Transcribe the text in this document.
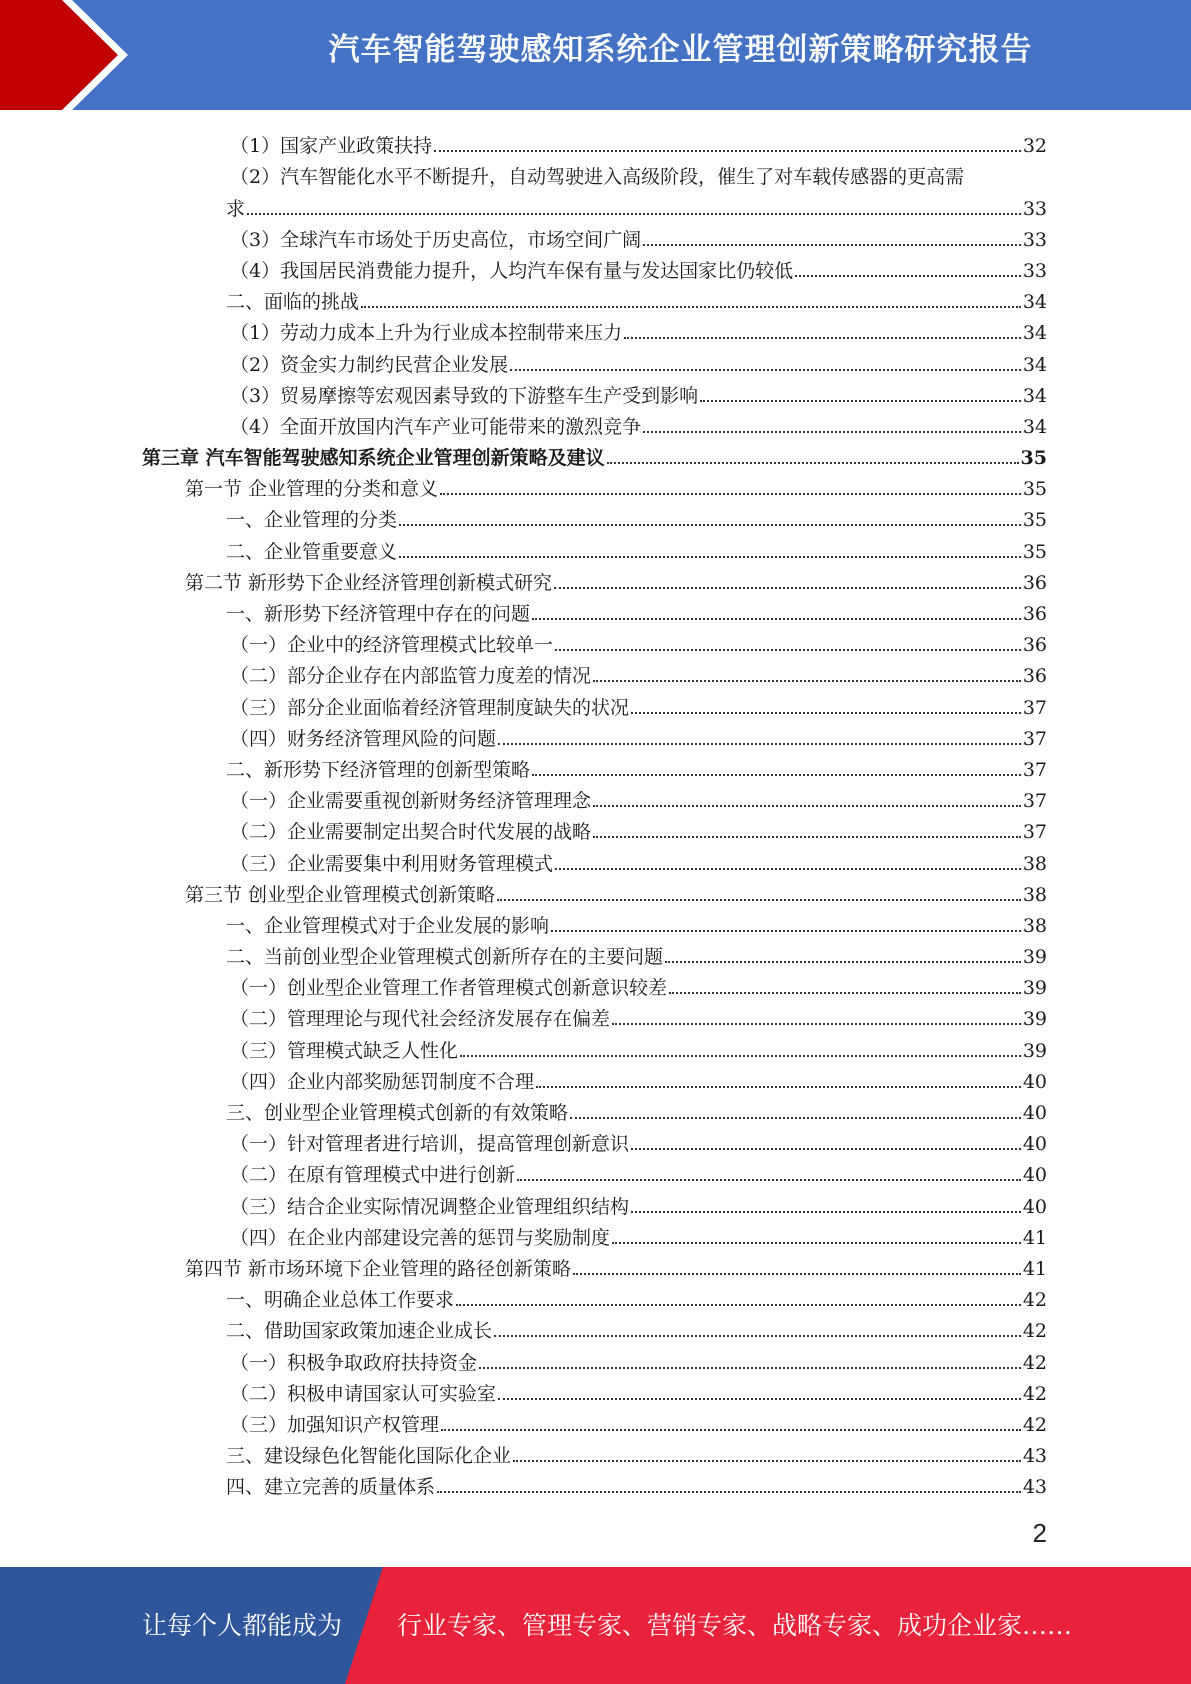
汽车智能驾驶感知系统企业管理创新策略研究报告
（1）国家产业政策扶持	32
（2）汽车智能化水平不断提升，自动驾驶进入高级阶段，催生了对车载传感器的更高需
求	33
（3）全球汽车市场处于历史高位，市场空间广阔	33
（4）我国居民消费能力提升，人均汽车保有量与发达国家比仍较低	33
二、面临的挑战	34
（1）劳动力成本上升为行业成本控制带来压力	34
（2）资金实力制约民营企业发展	34
（3）贸易摩擦等宏观因素导致的下游整车生产受到影响	34
（4）全面开放国内汽车产业可能带来的激烈竞争	34
第三章 汽车智能驾驶感知系统企业管理创新策略及建议	35
第一节 企业管理的分类和意义	35
一、企业管理的分类	35
二、企业管重要意义	35
第二节 新形势下企业经济管理创新模式研究	36
一、新形势下经济管理中存在的问题	36
（一）企业中的经济管理模式比较单一	36
（二）部分企业存在内部监管力度差的情况	36
（三）部分企业面临着经济管理制度缺失的状况	37
（四）财务经济管理风险的问题	37
二、新形势下经济管理的创新型策略	37
（一）企业需要重视创新财务经济管理理念	37
（二）企业需要制定出契合时代发展的战略	37
（三）企业需要集中利用财务管理模式	38
第三节 创业型企业管理模式创新策略	38
一、企业管理模式对于企业发展的影响	38
二、当前创业型企业管理模式创新所存在的主要问题	39
（一）创业型企业管理工作者管理模式创新意识较差	39
（二）管理理论与现代社会经济发展存在偏差	39
（三）管理模式缺乏人性化	39
（四）企业内部奖励惩罚制度不合理	40
三、创业型企业管理模式创新的有效策略	40
（一）针对管理者进行培训，提高管理创新意识	40
（二）在原有管理模式中进行创新	40
（三）结合企业实际情况调整企业管理组织结构	40
（四）在企业内部建设完善的惩罚与奖励制度	41
第四节 新市场环境下企业管理的路径创新策略	41
一、明确企业总体工作要求	42
二、借助国家政策加速企业成长	42
（一）积极争取政府扶持资金	42
（二）积极申请国家认可实验室	42
（三）加强知识产权管理	42
三、建设绿色化智能化国际化企业	43
四、建立完善的质量体系	43
2
让每个人都能成为 行业专家、管理专家、营销专家、战略专家、成功企业家……
